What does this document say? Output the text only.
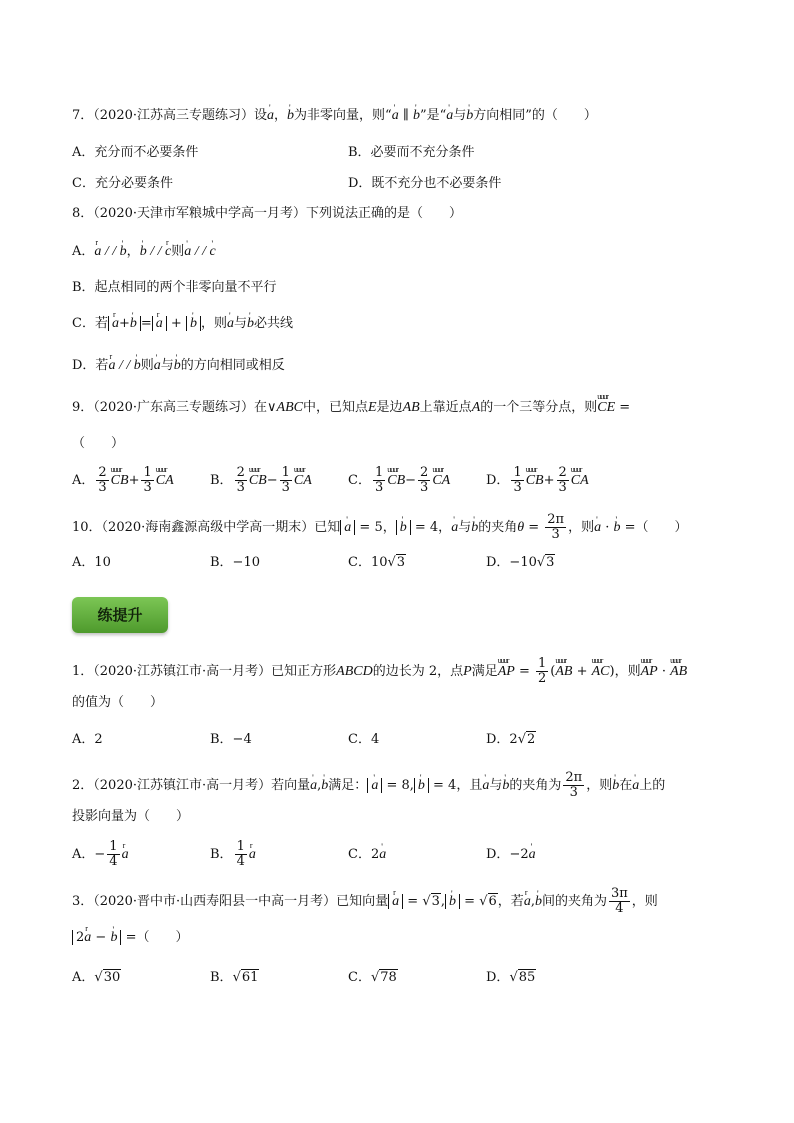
7．（2020·江苏高三专题练习）设' a，' b为非零向量，则“' a ∥ ' b”是“' a与' b方向相同”的（　　）
A．充分而不必要条件	B．必要而不充分条件
C．充分必要条件	D．既不充分也不必要条件
8．（2020·天津市军粮城中学高一月考）下列说法正确的是（　　）
A．r a / / ' b，' b / / r c则' a / / ' c
B．起点相同的两个非零向量不平行
C．若 r a+' b = r a + ' b ，则' a与' b必共线
D．若r a / / ' b则' a与' b的方向相同或相反
9．（2020·广东高三专题练习）在∨ABC中，已知点E是边AB上靠近点A的一个三等分点，则uuur CE =
（　　）
A． $\frac{2}{3}$ uuur $CB+ \frac{1}{3}$ uuur CA	B． $\frac{2}{3}$ uuur $CB- \frac{1}{3}$ uuur CA	C． $\frac{1}{3}$ uuur $CB- \frac{2}{3}$ uuur CA	D． $\frac{1}{3}$ uuur $CB+ \frac{2}{3}$ uuur CA
10．（2020·海南鑫源高级中学高一期末）已知 ' a = 5， ' b = 4，' a与' b的夹角$\theta = \frac{2\pi}{3}$ ，则' a · ' b =（　　）
A．10	B．−10	C．10√3	D．−10√3
练提升
1．（2020·江苏镇江市·高一月考）已知正方形ABCD的边长为 2，点P满足uuur AP = $\frac{1}{2}$ (uuur AB + uuur AC)，则uuur AP · uuur AB
的值为（　　）
A．2	B．−4	C．4	D．2√2
2．（2020·江苏镇江市·高一月考）若向量' a,' b满足： ' a = 8, ' b = 4，且' a与' b的夹角为 $\frac{2\pi}{3}$ ，则' b在' a上的
投影向量为（　　）
A．− $\frac{1}{4}$ r a	B． $\frac{1}{4}$ r a	C．2' a	D．−2' a
3．（2020·晋中市·山西寿阳县一中高一月考）已知向量 r a = √3, ' b = √6，若r a,' b间的夹角为 $\frac{3\pi}{4}$ ，则
2r a − ' b =（　　）
A．√30	B．√61	C．√78	D．√85
